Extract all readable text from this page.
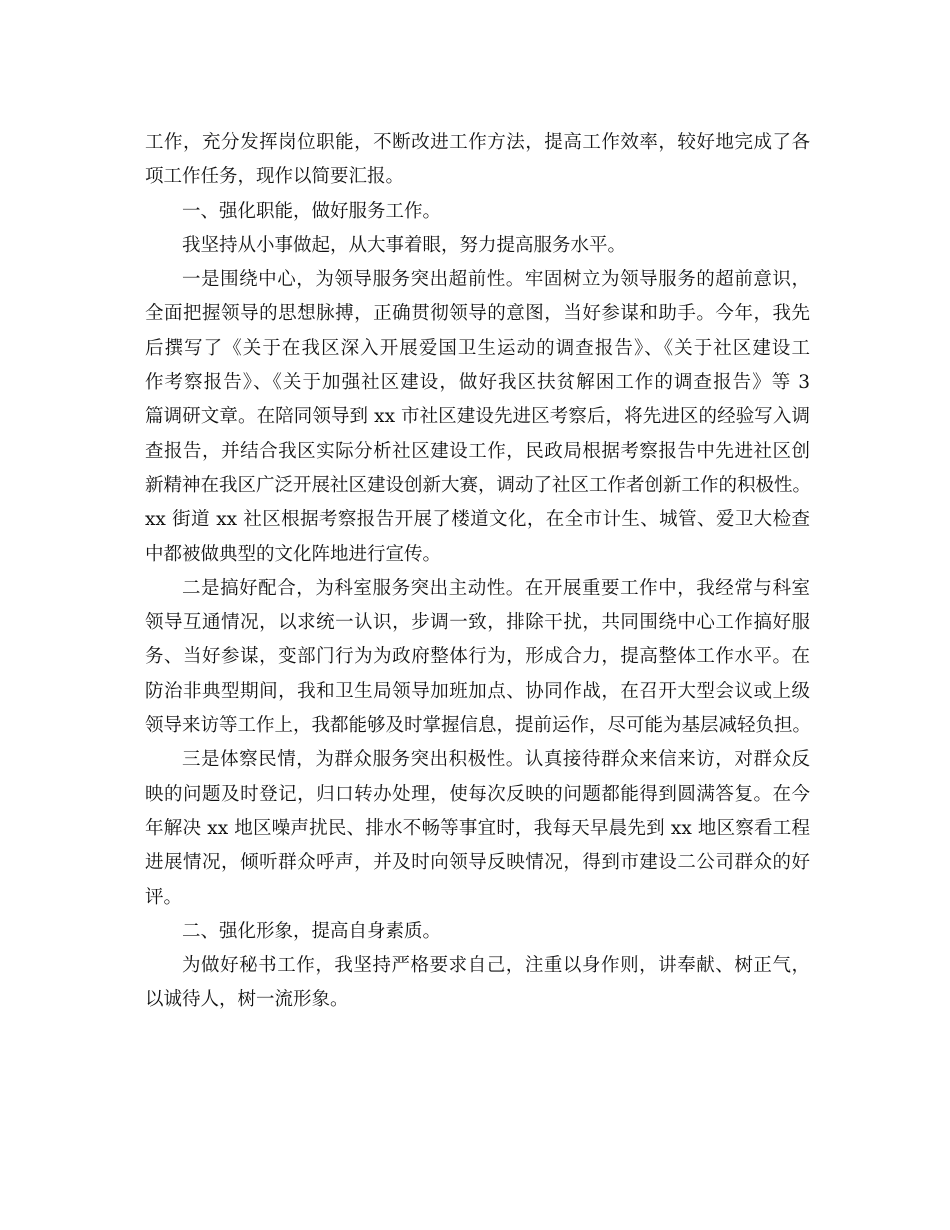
工作，充分发挥岗位职能，不断改进工作方法，提高工作效率，较好地完成了各
项工作任务，现作以简要汇报。
一、强化职能，做好服务工作。
我坚持从小事做起，从大事着眼，努力提高服务水平。
一是围绕中心，为领导服务突出超前性。牢固树立为领导服务的超前意识，
全面把握领导的思想脉搏，正确贯彻领导的意图，当好参谋和助手。今年，我先
后撰写了《关于在我区深入开展爱国卫生运动的调查报告》、《关于社区建设工
作考察报告》、《关于加强社区建设，做好我区扶贫解困工作的调查报告》等 3
篇调研文章。在陪同领导到 xx 市社区建设先进区考察后，将先进区的经验写入调
查报告，并结合我区实际分析社区建设工作，民政局根据考察报告中先进社区创
新精神在我区广泛开展社区建设创新大赛，调动了社区工作者创新工作的积极性。
xx 街道 xx 社区根据考察报告开展了楼道文化，在全市计生、城管、爱卫大检查
中都被做典型的文化阵地进行宣传。
二是搞好配合，为科室服务突出主动性。在开展重要工作中，我经常与科室
领导互通情况，以求统一认识，步调一致，排除干扰，共同围绕中心工作搞好服
务、当好参谋，变部门行为为政府整体行为，形成合力，提高整体工作水平。在
防治非典型期间，我和卫生局领导加班加点、协同作战，在召开大型会议或上级
领导来访等工作上，我都能够及时掌握信息，提前运作，尽可能为基层减轻负担。
三是体察民情，为群众服务突出积极性。认真接待群众来信来访，对群众反
映的问题及时登记，归口转办处理，使每次反映的问题都能得到圆满答复。在今
年解决 xx 地区噪声扰民、排水不畅等事宜时，我每天早晨先到 xx 地区察看工程
进展情况，倾听群众呼声，并及时向领导反映情况，得到市建设二公司群众的好
评。
二、强化形象，提高自身素质。
为做好秘书工作，我坚持严格要求自己，注重以身作则，讲奉献、树正气，
以诚待人，树一流形象。
